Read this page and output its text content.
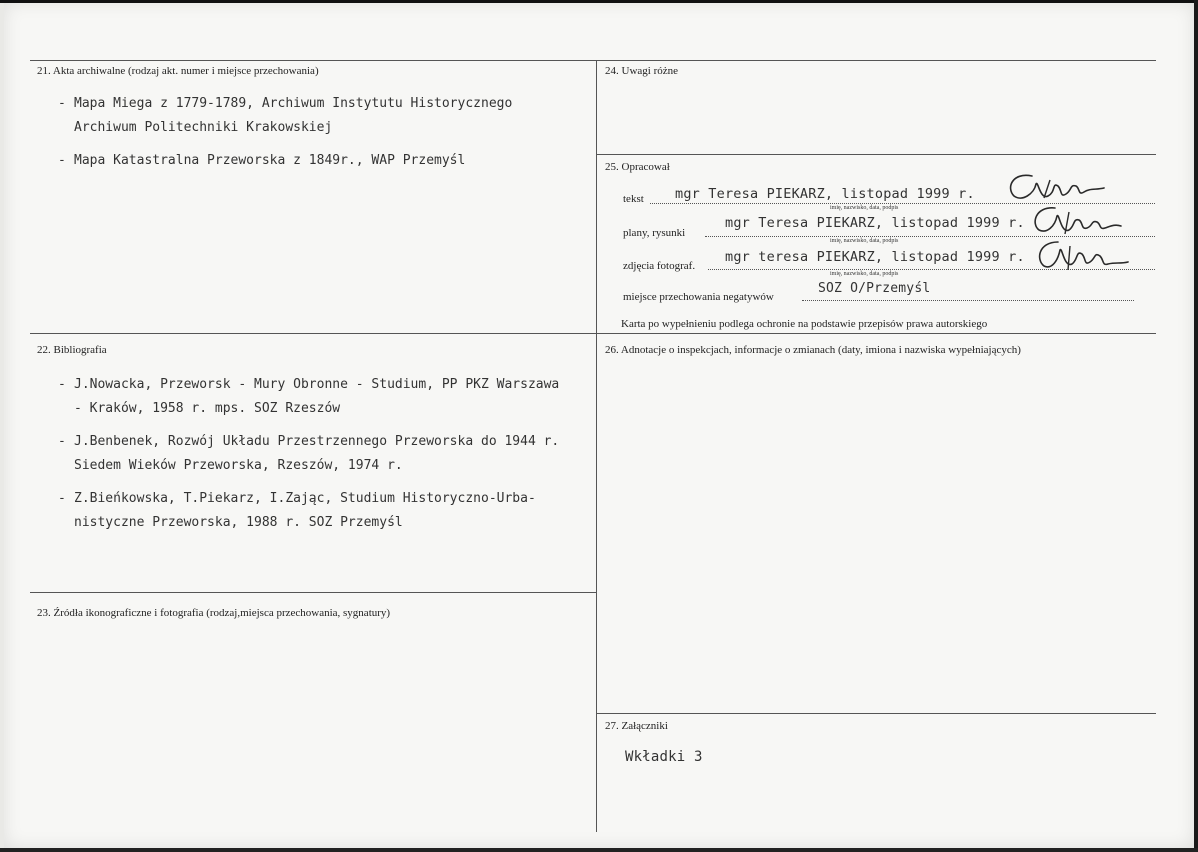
21. Akta archiwalne (rodzaj akt. numer i miejsce przechowania)
- Mapa Miega z 1779-1789, Archiwum Instytutu Historycznego
Archiwum Politechniki Krakowskiej
- Mapa Katastralna Przeworska z 1849r., WAP Przemyśl
24. Uwagi różne
25. Opracował
tekst mgr Teresa PIEKARZ, listopad 1999 r.
imię, nazwisko, data, podpis
plany, rysunki
mgr Teresa PIEKARZ, listopad 1999 r.
imię, nazwisko, data, podpis
zdjęcia fotograf.
mgr teresa PIEKARZ, listopad 1999 r.
imię, nazwisko, data, podpis
miejsce przechowania negatywów
SOZ O/Przemyśl
Karta po wypełnieniu podlega ochronie na podstawie przepisów prawa autorskiego
22. Bibliografia
- J.Nowacka, Przeworsk - Mury Obronne - Studium, PP PKZ Warszawa
- Kraków, 1958 r. mps. SOZ Rzeszów
- J.Benbenek, Rozwój Układu Przestrzennego Przeworska do 1944 r.
Siedem Wieków Przeworska, Rzeszów, 1974 r.
- Z.Bieńkowska, T.Piekarz, I.Zając, Studium Historyczno-Urba-
nistyczne Przeworska, 1988 r. SOZ Przemyśl
26. Adnotacje o inspekcjach, informacje o zmianach (daty, imiona i nazwiska wypełniających)
23. Źródła ikonograficzne i fotografia (rodzaj,miejsca przechowania, sygnatury)
27. Załączniki
Wkładki 3
